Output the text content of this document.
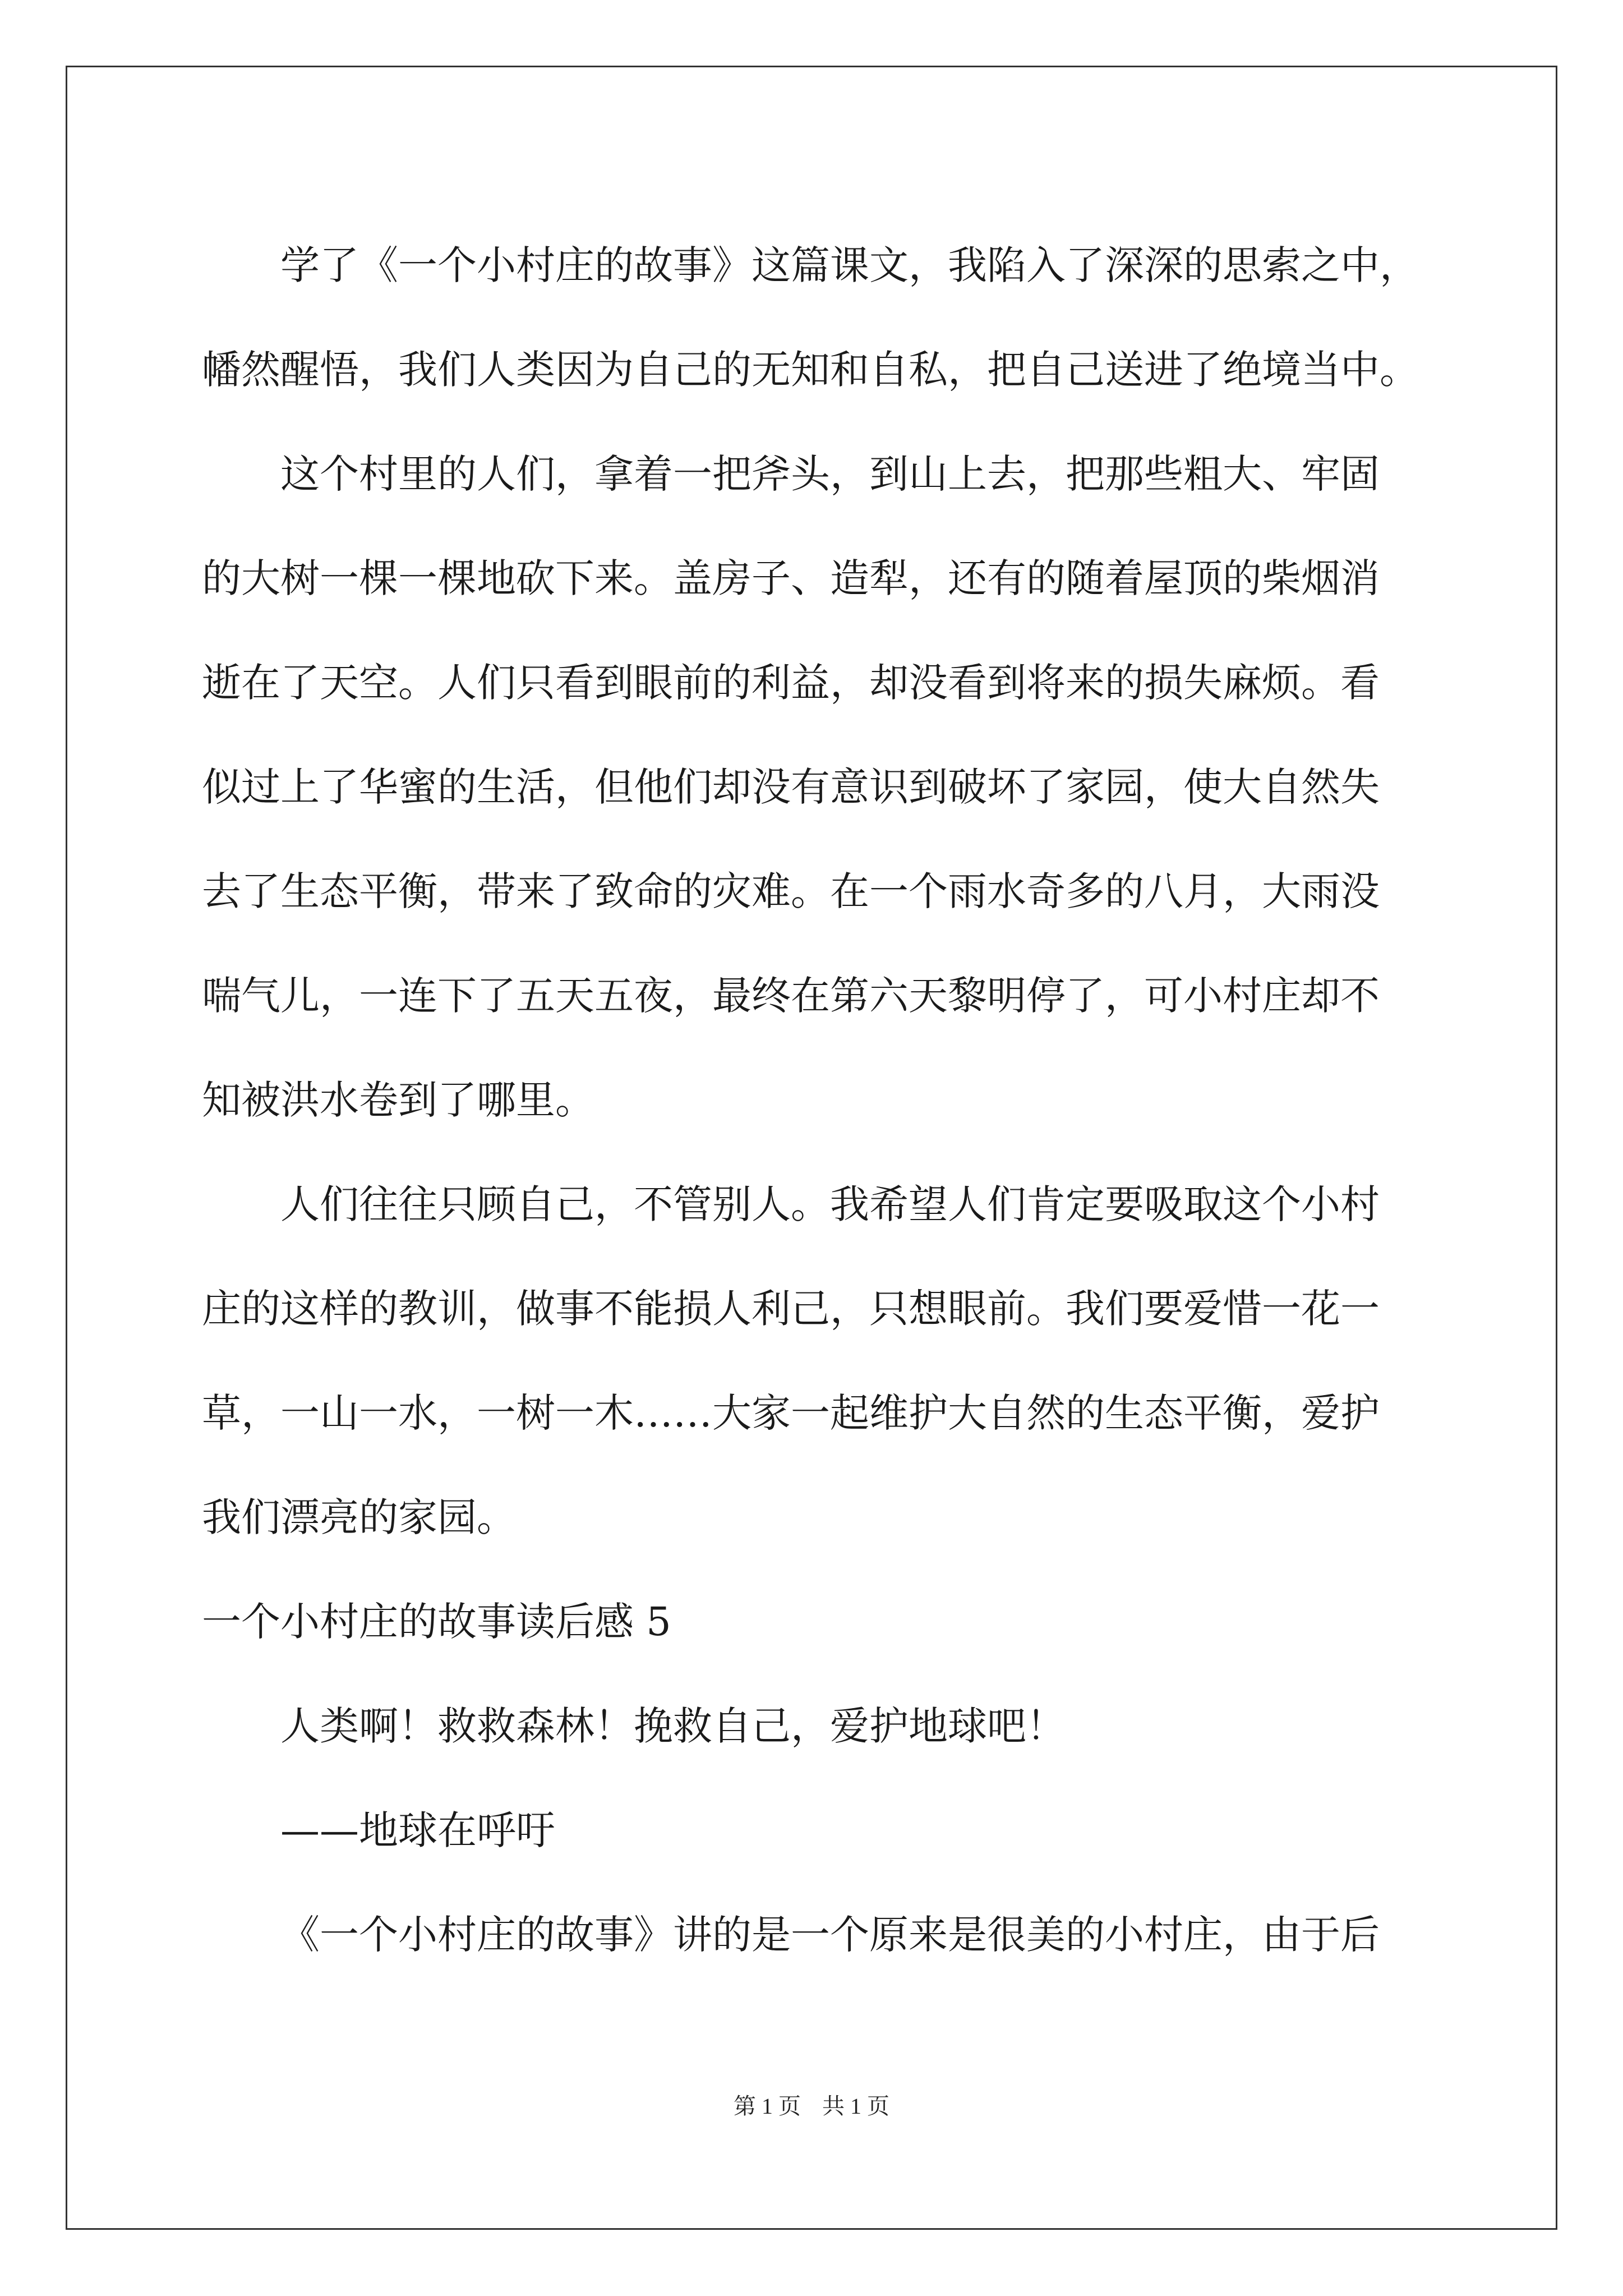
学了《一个小村庄的故事》这篇课文，我陷入了深深的思索之中，
幡然醒悟，我们人类因为自己的无知和自私，把自己送进了绝境当中。
这个村里的人们，拿着一把斧头，到山上去，把那些粗大、牢固
的大树一棵一棵地砍下来。盖房子、造犁，还有的随着屋顶的柴烟消
逝在了天空。人们只看到眼前的利益，却没看到将来的损失麻烦。看
似过上了华蜜的生活，但他们却没有意识到破坏了家园，使大自然失
去了生态平衡，带来了致命的灾难。在一个雨水奇多的八月，大雨没
喘气儿，一连下了五天五夜，最终在第六天黎明停了，可小村庄却不
知被洪水卷到了哪里。
人们往往只顾自己，不管别人。我希望人们肯定要吸取这个小村
庄的这样的教训，做事不能损人利己，只想眼前。我们要爱惜一花一
草，一山一水，一树一木……大家一起维护大自然的生态平衡，爱护
我们漂亮的家园。
一个小村庄的故事读后感 5
人类啊！救救森林！挽救自己，爱护地球吧！
——地球在呼吁
《一个小村庄的故事》讲的是一个原来是很美的小村庄，由于后
第 1 页 共 1 页
